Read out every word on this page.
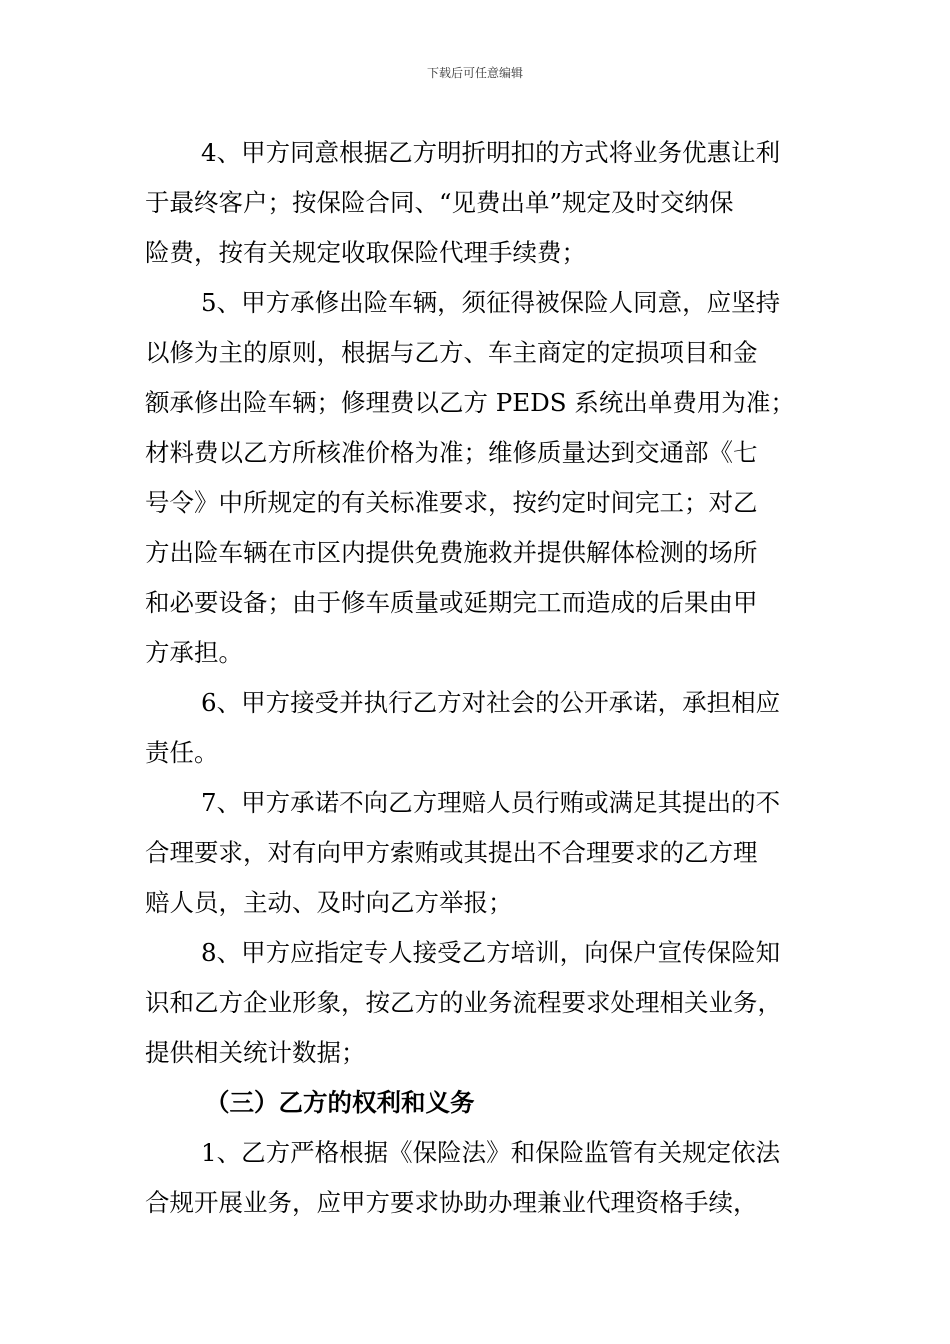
下载后可任意编辑
4、甲方同意根据乙方明折明扣的方式将业务优惠让利
于最终客户；按保险合同、“见费出单”规定及时交纳保
险费，按有关规定收取保险代理手续费；
5、甲方承修出险车辆，须征得被保险人同意，应坚持
以修为主的原则，根据与乙方、车主商定的定损项目和金
额承修出险车辆；修理费以乙方 PEDS 系统出单费用为准；
材料费以乙方所核准价格为准；维修质量达到交通部《七
号令》中所规定的有关标准要求，按约定时间完工；对乙
方出险车辆在市区内提供免费施救并提供解体检测的场所
和必要设备；由于修车质量或延期完工而造成的后果由甲
方承担。
6、甲方接受并执行乙方对社会的公开承诺，承担相应
责任。
7、甲方承诺不向乙方理赔人员行贿或满足其提出的不
合理要求，对有向甲方索贿或其提出不合理要求的乙方理
赔人员，主动、及时向乙方举报；
8、甲方应指定专人接受乙方培训，向保户宣传保险知
识和乙方企业形象，按乙方的业务流程要求处理相关业务，
提供相关统计数据；
（三）乙方的权利和义务
1、乙方严格根据《保险法》和保险监管有关规定依法
合规开展业务，应甲方要求协助办理兼业代理资格手续，
